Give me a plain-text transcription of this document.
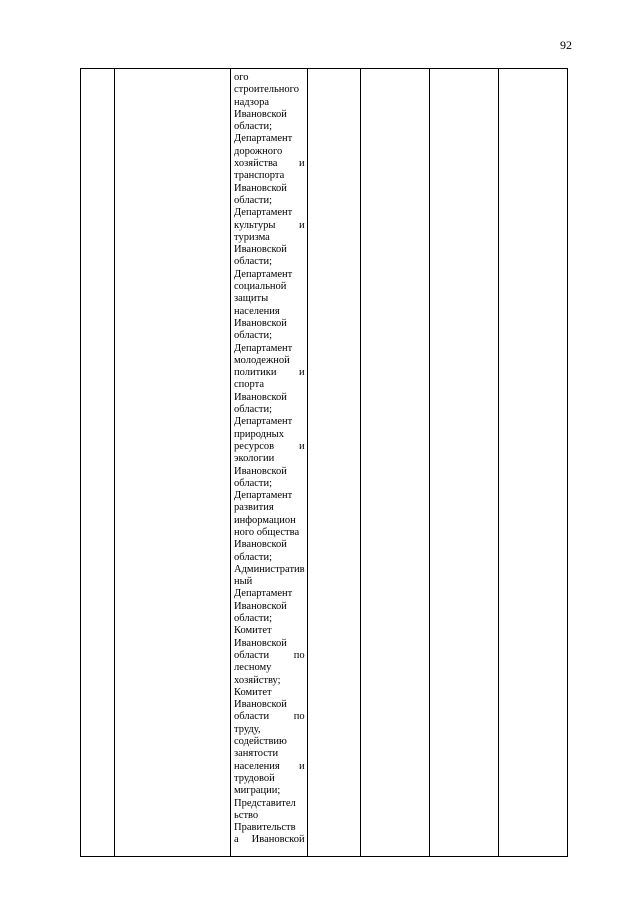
92

ого
строительного
надзора
Ивановской
области;
Департамент
дорожного
хозяйства и
транспорта
Ивановской
области;
Департамент
культуры и
туризма
Ивановской
области;
Департамент
социальной
защиты
населения
Ивановской
области;
Департамент
молодежной
политики и
спорта
Ивановской
области;
Департамент
природных
ресурсов и
экологии
Ивановской
области;
Департамент
развития
информацион
ного общества
Ивановской
области;
Административ
ный
Департамент
Ивановской
области;
Комитет
Ивановской
области по
лесному
хозяйству;
Комитет
Ивановской
области по
труду,
содействию
занятости
населения и
трудовой
миграции;
Представител
ьство
Правительств
а Ивановской
